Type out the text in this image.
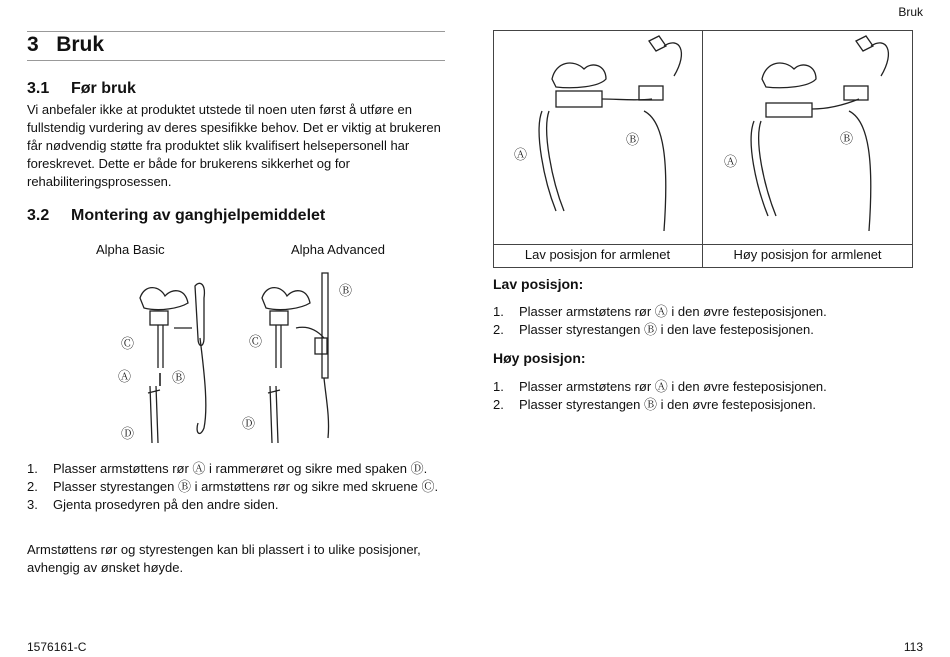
Bruk
3 Bruk
3.1 Før bruk
Vi anbefaler ikke at produktet utstede til noen uten først å utføre en fullstendig vurdering av deres spesifikke behov. Det er viktig at brukeren får nødvendig støtte fra produktet slik kvalifisert helsepersonell har foreskrevet. Dette er både for brukerens sikkerhet og for rehabiliteringsprosessen.
3.2 Montering av ganghjelpemiddelet
Alpha Basic	Alpha Advanced
Ⓒ
Ⓐ	Ⓑ
Ⓓ
Ⓑ
Ⓒ
Ⓓ
1. Plasser armstøttens rør Ⓐ i rammerøret og sikre med spaken Ⓓ.
2. Plasser styrestangen Ⓑ i armstøttens rør og sikre med skruene Ⓒ.
3. Gjenta prosedyren på den andre siden.
Armstøttens rør og styrestengen kan bli plassert i to ulike posisjoner, avhengig av ønsket høyde.
Ⓐ
Ⓑ
Ⓐ
Ⓑ
Lav posisjon for armlenet	Høy posisjon for armlenet
Lav posisjon:
1. Plasser armstøtens rør Ⓐ i den øvre festeposisjonen.
2. Plasser styrestangen Ⓑ i den lave festeposisjonen.
Høy posisjon:
1. Plasser armstøtens rør Ⓐ i den øvre festeposisjonen.
2. Plasser styrestangen Ⓑ i den øvre festeposisjonen.
1576161-C	113
